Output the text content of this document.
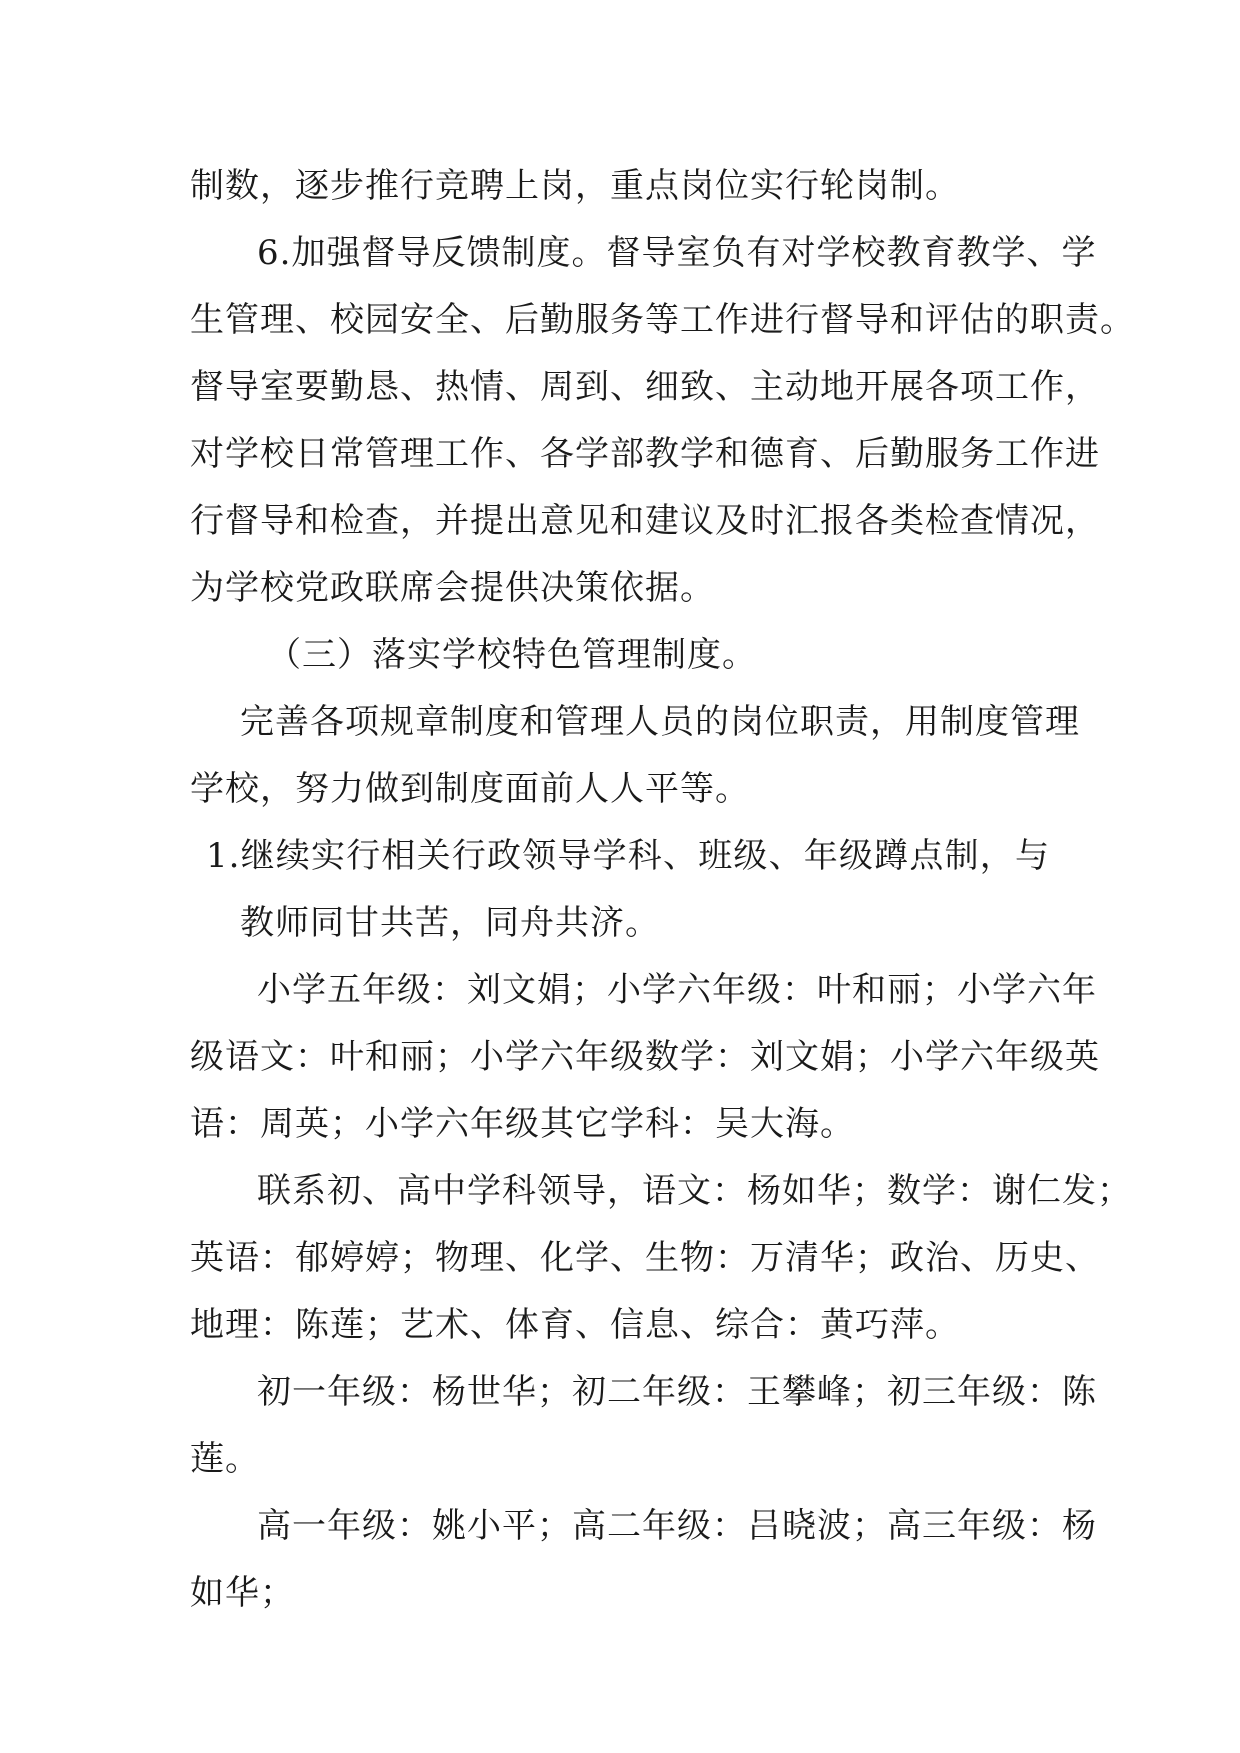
制数，逐步推行竞聘上岗，重点岗位实行轮岗制。
6.加强督导反馈制度。督导室负有对学校教育教学、学
生管理、校园安全、后勤服务等工作进行督导和评估的职责。
督导室要勤恳、热情、周到、细致、主动地开展各项工作，
对学校日常管理工作、各学部教学和德育、后勤服务工作进
行督导和检查，并提出意见和建议及时汇报各类检查情况，
为学校党政联席会提供决策依据。
（三）落实学校特色管理制度。
完善各项规章制度和管理人员的岗位职责，用制度管理
学校，努力做到制度面前人人平等。
1.继续实行相关行政领导学科、班级、年级蹲点制，与
教师同甘共苦，同舟共济。
小学五年级：刘文娟；小学六年级：叶和丽；小学六年
级语文：叶和丽；小学六年级数学：刘文娟；小学六年级英
语：周英；小学六年级其它学科：吴大海。
联系初、高中学科领导，语文：杨如华；数学：谢仁发；
英语：郁婷婷；物理、化学、生物：万清华；政治、历史、
地理：陈莲；艺术、体育、信息、综合：黄巧萍。
初一年级：杨世华；初二年级：王攀峰；初三年级：陈
莲。
高一年级：姚小平；高二年级：吕晓波；高三年级：杨
如华；
